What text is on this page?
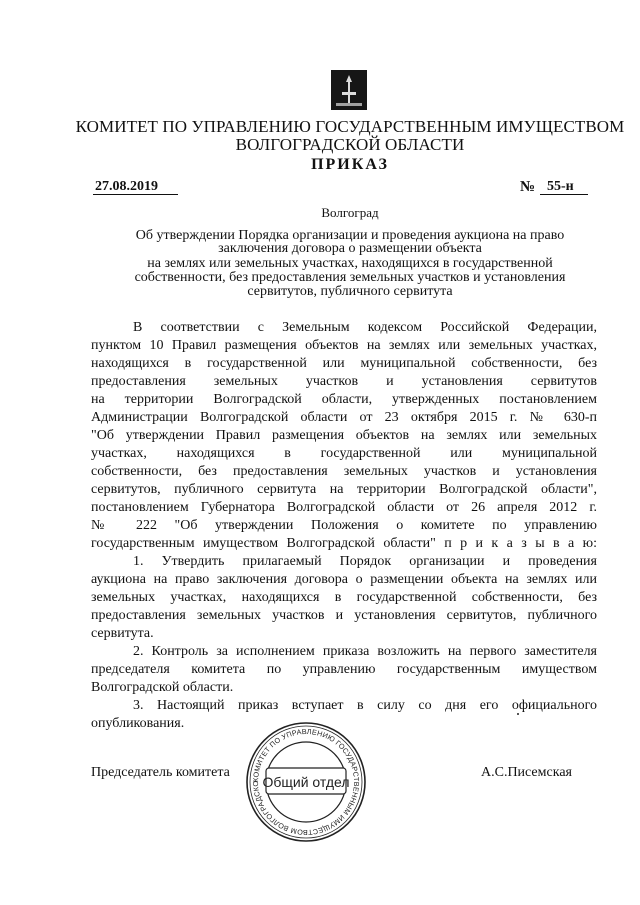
КОМИТЕТ ПО УПРАВЛЕНИЮ ГОСУДАРСТВЕННЫМ ИМУЩЕСТВОМ
ВОЛГОГРАДСКОЙ ОБЛАСТИ
ПРИКАЗ
27.08.2019	№ 55-н
Волгоград
Об утверждении Порядка организации и проведения аукциона на право
заключения договора о размещении объекта
на землях или земельных участках, находящихся в государственной
собственности, без предоставления земельных участков и установления
сервитутов, публичного сервитута
В соответствии с Земельным кодексом Российской Федерации,
пунктом 10 Правил размещения объектов на землях или земельных участках,
находящихся в государственной или муниципальной собственности, без
предоставления земельных участков и установления сервитутов
на территории Волгоградской области, утвержденных постановлением
Администрации Волгоградской области от 23 октября 2015 г. № 630-п
"Об утверждении Правил размещения объектов на землях или земельных
участках, находящихся в государственной или муниципальной
собственности, без предоставления земельных участков и установления
сервитутов, публичного сервитута на территории Волгоградской области",
постановлением Губернатора Волгоградской области от 26 апреля 2012 г.
№ 222 "Об утверждении Положения о комитете по управлению
государственным имуществом Волгоградской области" п р и к а з ы в а ю:
1. Утвердить прилагаемый Порядок организации и проведения
аукциона на право заключения договора о размещении объекта на землях или
земельных участках, находящихся в государственной собственности, без
предоставления земельных участков и установления сервитутов, публичного
сервитута.
2. Контроль за исполнением приказа возложить на первого заместителя
председателя комитета по управлению государственным имуществом
Волгоградской области.
3. Настоящий приказ вступает в силу со дня его официального
опубликования.
Председатель комитета	А.С.Писемская
КОМИТЕТ ПО УПРАВЛЕНИЮ ГОСУДАРСТВЕННЫМ ИМУЩЕСТВОМ ВОЛГОГРАДСКО Общий отдел
